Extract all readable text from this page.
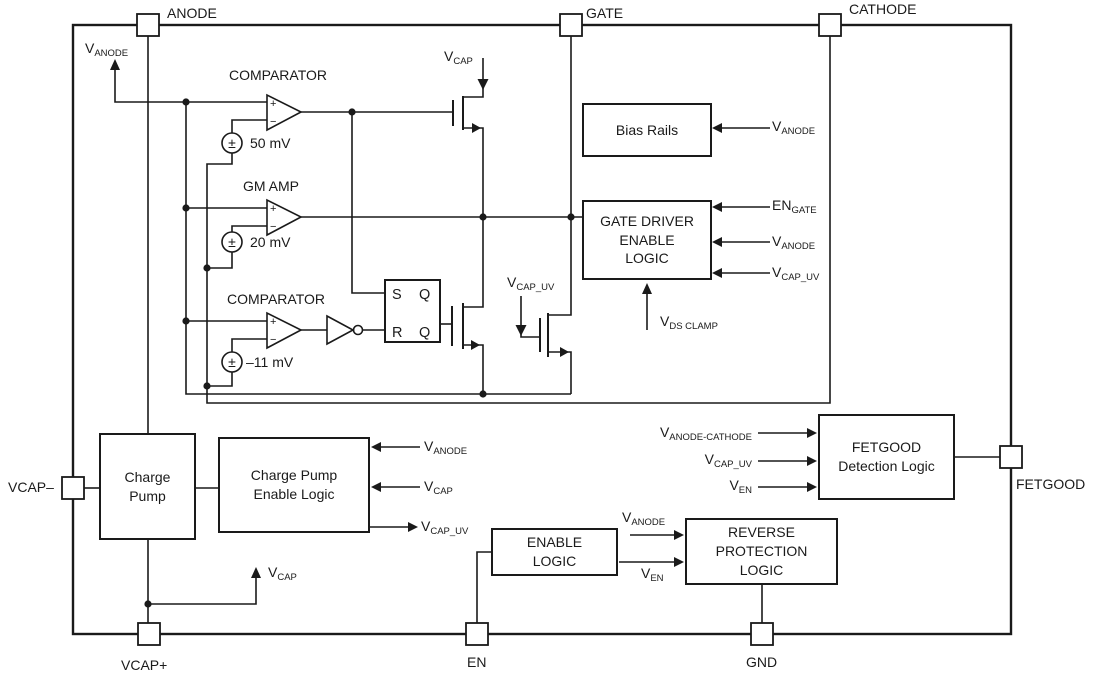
+
−
±
+
−
±
+
−
±
S Q
R Q
Bias Rails
GATE DRIVER
ENABLE
LOGIC
FETGOOD
Detection Logic
Charge
Pump
Charge Pump
Enable Logic
ENABLE
LOGIC
REVERSE
PROTECTION
LOGIC
ANODE	GATE	CATHODE
VCAP–	FETGOOD
VCAP+	EN	GND
COMPARATOR
50 mV
GM AMP
20 mV
COMPARATOR
–11 mV
$V_{ANODE}$	$V_{CAP}$
$V_{CAP\_UV}$
$V_{ANODE}$
$EN_{GATE}$
$V_{ANODE}$
$V_{CAP\_UV}$
$V_{DS CLAMP}$
$V_{ANODE-CATHODE}$
$V_{CAP\_UV}$
$V_{EN}$
$V_{ANODE}$
$V_{CAP}$
$V_{CAP\_UV}$
$V_{CAP}$
$V_{ANODE}$
$V_{EN}$
